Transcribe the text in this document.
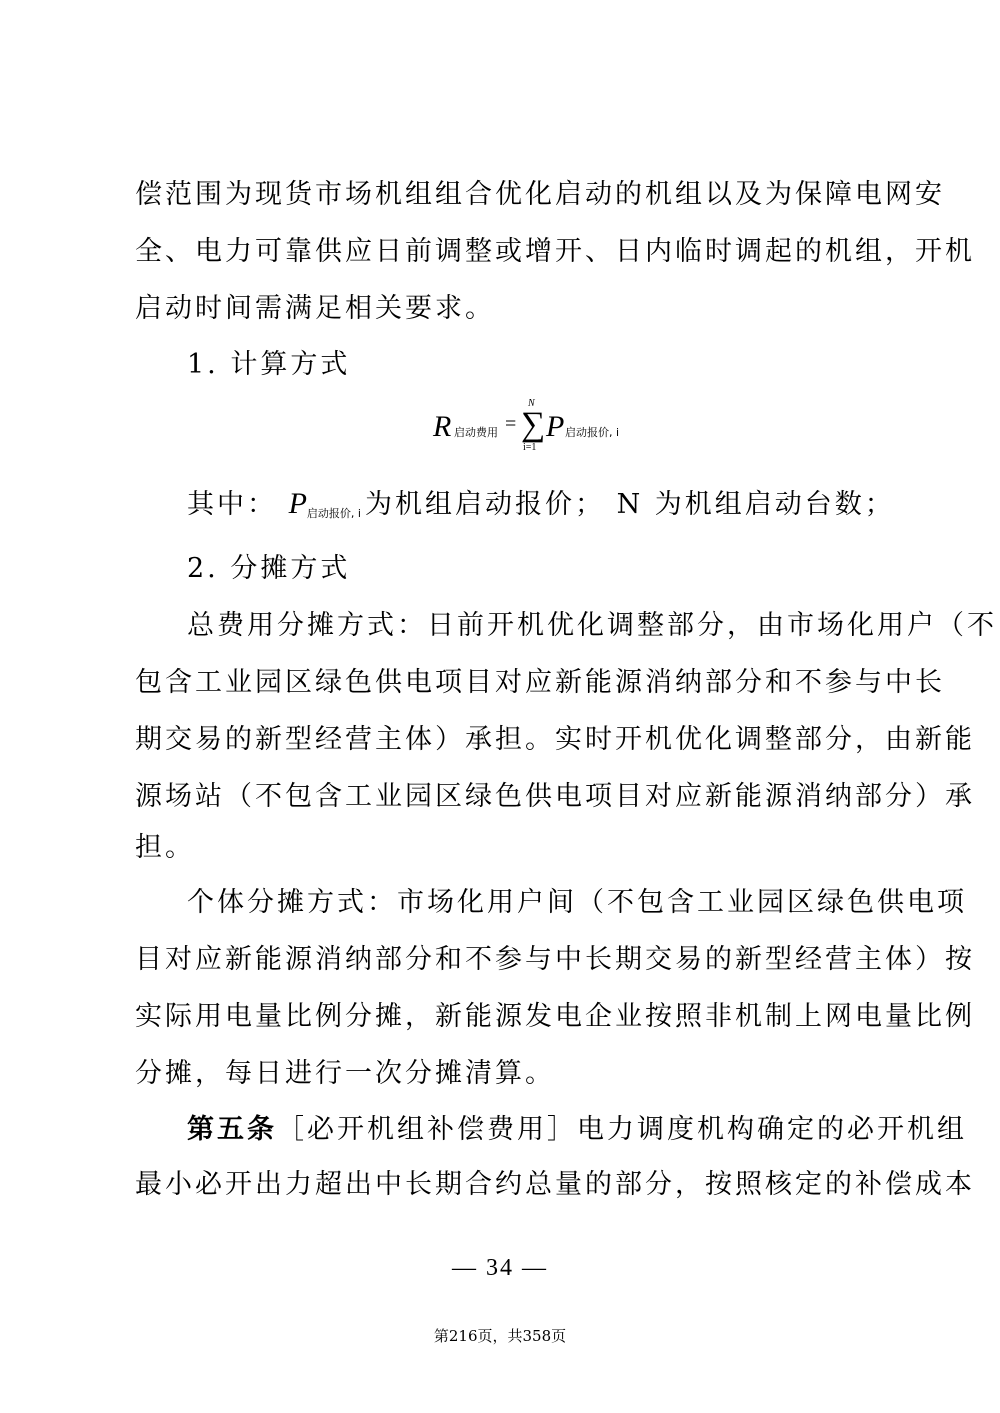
偿范围为现货市场机组组合优化启动的机组以及为保障电网安
全、电力可靠供应日前调整或增开、日内临时调起的机组，开机
启动时间需满足相关要求。
1. 计算方式
R 启动费用 =
N
∑
i=1
P 启动报价, i
其中： P启动报价, i 为机组启动报价； N 为机组启动台数；
2. 分摊方式
总费用分摊方式：日前开机优化调整部分，由市场化用户（不
包含工业园区绿色供电项目对应新能源消纳部分和不参与中长
期交易的新型经营主体）承担。实时开机优化调整部分，由新能
源场站（不包含工业园区绿色供电项目对应新能源消纳部分）承
担。
个体分摊方式：市场化用户间（不包含工业园区绿色供电项
目对应新能源消纳部分和不参与中长期交易的新型经营主体）按
实际用电量比例分摊，新能源发电企业按照非机制上网电量比例
分摊，每日进行一次分摊清算。
第五条［必开机组补偿费用］电力调度机构确定的必开机组
最小必开出力超出中长期合约总量的部分，按照核定的补偿成本
— 34 —
第216页，共358页
